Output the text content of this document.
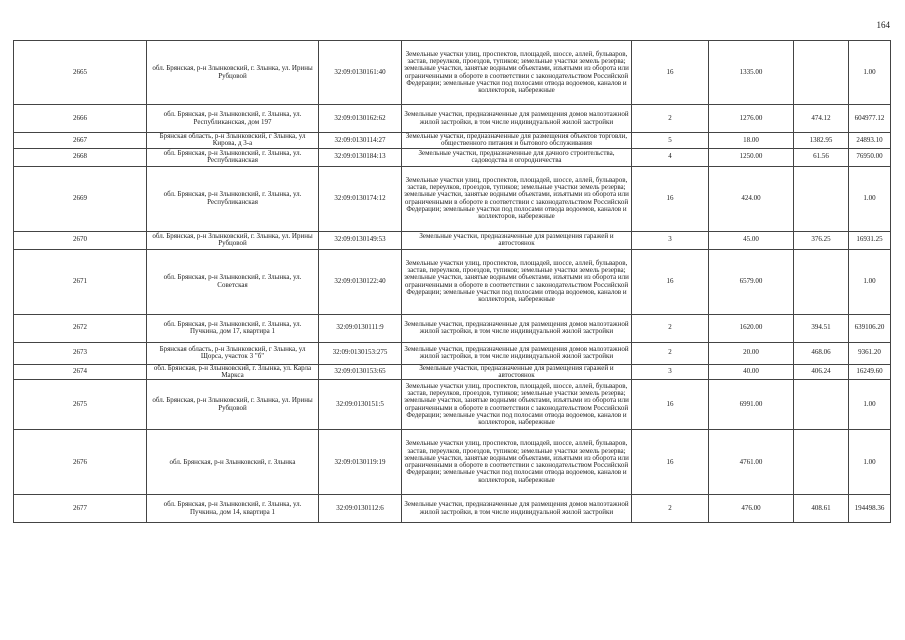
164
2665	обл. Брянская, р-н Злынковский, г. Злынка, ул. Ирины Рубцовой	32:09:0130161:40	Земельные участки улиц, проспектов, площадей, шоссе, аллей, бульваров, застав, переулков, проездов, тупиков; земельные участки земель резерва; земельные участки, занятые водными объектами, изъятыми из оборота или ограниченными в обороте в соответствии с законодательством Российской Федерации; земельные участки под полосами отвода водоемов, каналов и коллекторов, набережные	16	1335.00		1.00
2666	обл. Брянская, р-н Злынковский, г. Злынка, ул. Республиканская, дом 197	32:09:0130162:62	Земельные участки, предназначенные для размещения домов малоэтажной жилой застройки, в том числе индивидуальной жилой застройки	2	1276.00	474.12	604977.12
2667	Брянская область, р-н Злынковский, г Злынка, ул Кирова, д 3-а	32:09:0130114:27	Земельные участки, предназначенные для размещения объектов торговли, общественного питания и бытового обслуживания	5	18.00	1382.95	24893.10
2668	обл. Брянская, р-н Злынковский, г. Злынка, ул. Республиканская	32:09:0130184:13	Земельные участки, предназначенные для дачного строительства, садоводства и огородничества	4	1250.00	61.56	76950.00
2669	обл. Брянская, р-н Злынковский, г. Злынка, ул. Республиканская	32:09:0130174:12	Земельные участки улиц, проспектов, площадей, шоссе, аллей, бульваров, застав, переулков, проездов, тупиков; земельные участки земель резерва; земельные участки, занятые водными объектами, изъятыми из оборота или ограниченными в обороте в соответствии с законодательством Российской Федерации; земельные участки под полосами отвода водоемов, каналов и коллекторов, набережные	16	424.00		1.00
2670	обл. Брянская, р-н Злынковский, г. Злынка, ул. Ирины Рубцовой	32:09:0130149:53	Земельные участки, предназначенные для размещения гаражей и автостоянок	3	45.00	376.25	16931.25
2671	обл. Брянская, р-н Злынковский, г. Злынка, ул. Советская	32:09:0130122:40	Земельные участки улиц, проспектов, площадей, шоссе, аллей, бульваров, застав, переулков, проездов, тупиков; земельные участки земель резерва; земельные участки, занятые водными объектами, изъятыми из оборота или ограниченными в обороте в соответствии с законодательством Российской Федерации; земельные участки под полосами отвода водоемов, каналов и коллекторов, набережные	16	6579.00		1.00
2672	обл. Брянская, р-н Злынковский, г. Злынка, ул. Пучкина, дом 17, квартира 1	32:09:0130111:9	Земельные участки, предназначенные для размещения домов малоэтажной жилой застройки, в том числе индивидуальной жилой застройки	2	1620.00	394.51	639106.20
2673	Брянская область, р-н Злынковский, г Злынка, ул Щорса, участок 3 "б"	32:09:0130153:275	Земельные участки, предназначенные для размещения домов малоэтажной жилой застройки, в том числе индивидуальной жилой застройки	2	20.00	468.06	9361.20
2674	обл. Брянская, р-н Злынковский, г. Злынка, ул. Карла Маркса	32:09:0130153:65	Земельные участки, предназначенные для размещения гаражей и автостоянок	3	40.00	406.24	16249.60
2675	обл. Брянская, р-н Злынковский, г. Злынка, ул. Ирины Рубцовой	32:09:0130151:5	Земельные участки улиц, проспектов, площадей, шоссе, аллей, бульваров, застав, переулков, проездов, тупиков; земельные участки земель резерва; земельные участки, занятые водными объектами, изъятыми из оборота или ограниченными в обороте в соответствии с законодательством Российской Федерации; земельные участки под полосами отвода водоемов, каналов и коллекторов, набережные	16	6991.00		1.00
2676	обл. Брянская, р-н Злынковский, г. Злынка	32:09:0130119:19	Земельные участки улиц, проспектов, площадей, шоссе, аллей, бульваров, застав, переулков, проездов, тупиков; земельные участки земель резерва; земельные участки, занятые водными объектами, изъятыми из оборота или ограниченными в обороте в соответствии с законодательством Российской Федерации; земельные участки под полосами отвода водоемов, каналов и коллекторов, набережные	16	4761.00		1.00
2677	обл. Брянская, р-н Злынковский, г. Злынка, ул. Пучкина, дом 14, квартира 1	32:09:0130112:6	Земельные участки, предназначенные для размещения домов малоэтажной жилой застройки, в том числе индивидуальной жилой застройки	2	476.00	408.61	194498.36
